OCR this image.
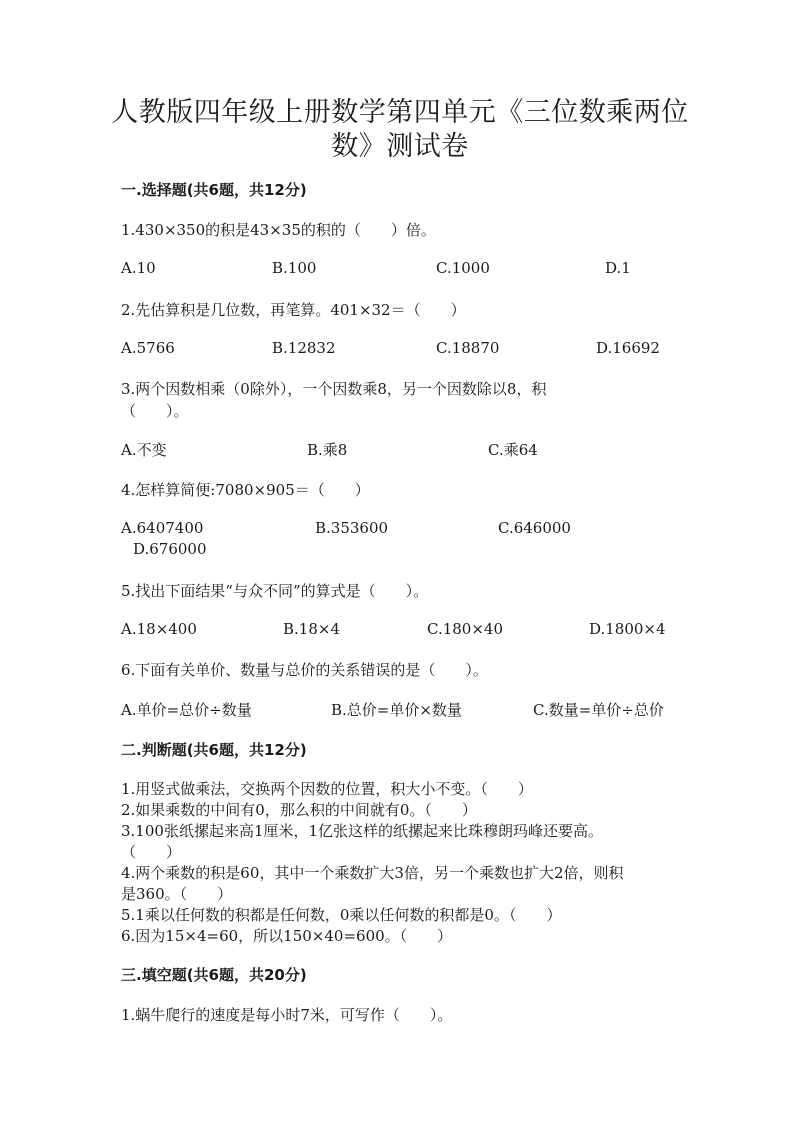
人教版四年级上册数学第四单元《三位数乘两位
数》测试卷
一.选择题(共6题，共12分)
1.430×350的积是43×35的积的（　　）倍。
A.10	B.100	C.1000	D.1
2.先估算积是几位数，再笔算。401×32＝（　　）
A.5766	B.12832	C.18870	D.16692
3.两个因数相乘（0除外），一个因数乘8，另一个因数除以8，积
（　　）。
A.不变	B.乘8	C.乘64
4.怎样算简便:7080×905＝（　　）
A.6407400	B.353600	C.646000
D.676000
5.找出下面结果“与众不同”的算式是（　　）。
A.18×400	B.18×4	C.180×40	D.1800×4
6.下面有关单价、数量与总价的关系错误的是（　　）。
A.单价=总价÷数量	B.总价=单价×数量	C.数量=单价÷总价
二.判断题(共6题，共12分)
1.用竖式做乘法，交换两个因数的位置，积大小不变。（　　）
2.如果乘数的中间有0，那么积的中间就有0。（　　）
3.100张纸摞起来高1厘米，1亿张这样的纸摞起来比珠穆朗玛峰还要高。
（　　）
4.两个乘数的积是60，其中一个乘数扩大3倍，另一个乘数也扩大2倍，则积
是360。（　　）
5.1乘以任何数的积都是任何数，0乘以任何数的积都是0。（　　）
6.因为15×4=60，所以150×40=600。（　　）
三.填空题(共6题，共20分)
1.蜗牛爬行的速度是每小时7米，可写作（　　）。
